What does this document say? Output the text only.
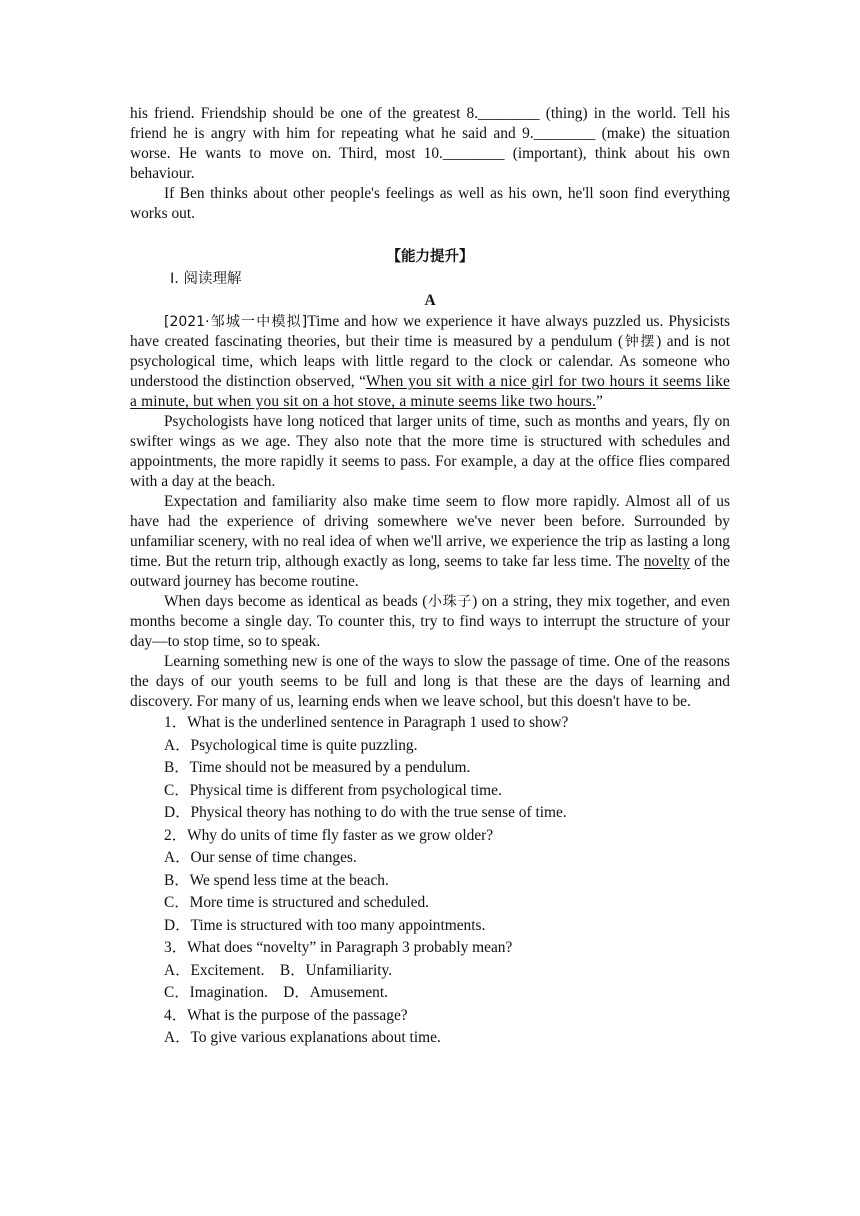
his friend. Friendship should be one of the greatest 8.________ (thing) in the world. Tell his friend he is angry with him for repeating what he said and 9.________ (make) the situation worse. He wants to move on. Third, most 10.________ (important), think about his own behaviour.

If Ben thinks about other people's feelings as well as his own, he'll soon find everything works out.

【能力提升】
Ⅰ. 阅读理解
A

[2021·邹城一中模拟]Time and how we experience it have always puzzled us. Physicists have created fascinating theories, but their time is measured by a pendulum (钟摆) and is not psychological time, which leaps with little regard to the clock or calendar. As someone who understood the distinction observed, “When you sit with a nice girl for two hours it seems like a minute, but when you sit on a hot stove, a minute seems like two hours.”

Psychologists have long noticed that larger units of time, such as months and years, fly on swifter wings as we age. They also note that the more time is structured with schedules and appointments, the more rapidly it seems to pass. For example, a day at the office flies compared with a day at the beach.

Expectation and familiarity also make time seem to flow more rapidly. Almost all of us have had the experience of driving somewhere we've never been before. Surrounded by unfamiliar scenery, with no real idea of when we'll arrive, we experience the trip as lasting a long time. But the return trip, although exactly as long, seems to take far less time. The novelty of the outward journey has become routine.

When days become as identical as beads (小珠子) on a string, they mix together, and even months become a single day. To counter this, try to find ways to interrupt the structure of your day—to stop time, so to speak.

Learning something new is one of the ways to slow the passage of time. One of the reasons the days of our youth seems to be full and long is that these are the days of learning and discovery. For many of us, learning ends when we leave school, but this doesn't have to be.

1．What is the underlined sentence in Paragraph 1 used to show?

A．Psychological time is quite puzzling.

B．Time should not be measured by a pendulum.

C．Physical time is different from psychological time.

D．Physical theory has nothing to do with the true sense of time.

2．Why do units of time fly faster as we grow older?

A．Our sense of time changes.

B．We spend less time at the beach.

C．More time is structured and scheduled.

D．Time is structured with too many appointments.

3．What does “novelty” in Paragraph 3 probably mean?

A．Excitement.    B．Unfamiliarity.

C．Imagination.    D．Amusement.

4．What is the purpose of the passage?

A．To give various explanations about time.
